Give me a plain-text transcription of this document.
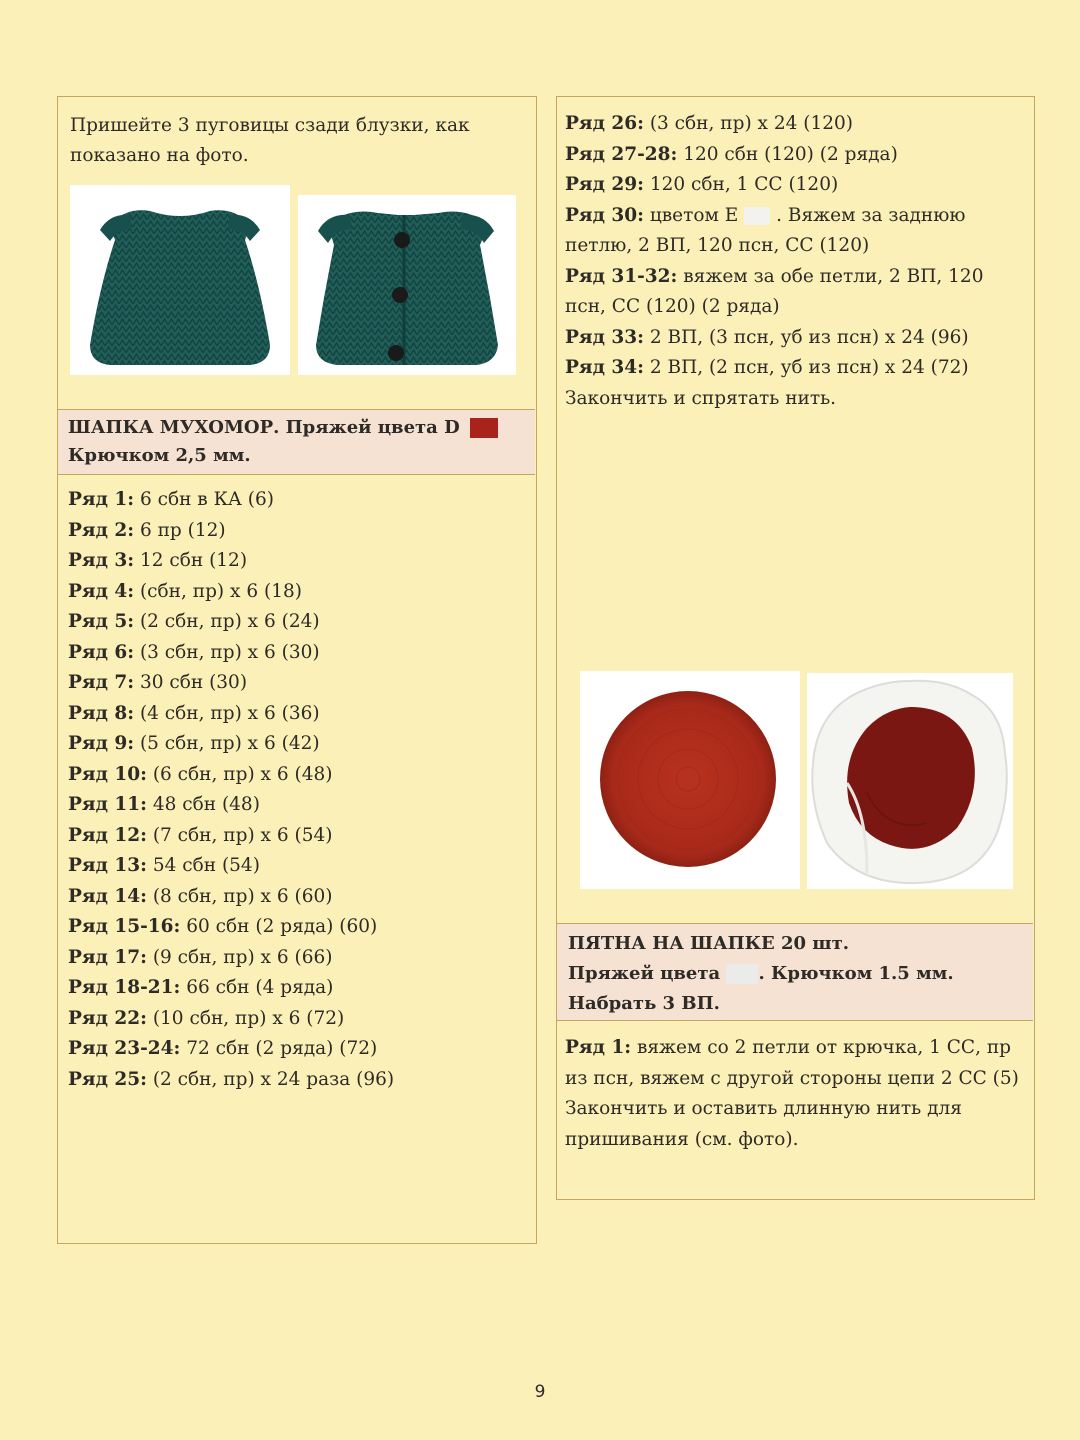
Пришейте 3 пуговицы сзади блузки, как показано на фото.
ШАПКА МУХОМОР. Пряжей цвета D
Крючком 2,5 мм.
Ряд 1: 6 сбн в КА (6)
Ряд 2: 6 пр (12)
Ряд 3: 12 сбн (12)
Ряд 4: (сбн, пр) х 6 (18)
Ряд 5: (2 сбн, пр) х 6 (24)
Ряд 6: (3 сбн, пр) х 6 (30)
Ряд 7: 30 сбн (30)
Ряд 8: (4 сбн, пр) х 6 (36)
Ряд 9: (5 сбн, пр) х 6 (42)
Ряд 10: (6 сбн, пр) х 6 (48)
Ряд 11: 48 сбн (48)
Ряд 12: (7 сбн, пр) х 6 (54)
Ряд 13: 54 сбн (54)
Ряд 14: (8 сбн, пр) х 6 (60)
Ряд 15-16: 60 сбн (2 ряда) (60)
Ряд 17: (9 сбн, пр) х 6 (66)
Ряд 18-21: 66 сбн (4 ряда)
Ряд 22: (10 сбн, пр) х 6 (72)
Ряд 23-24: 72 сбн (2 ряда) (72)
Ряд 25: (2 сбн, пр) х 24 раза (96)
Ряд 26: (3 сбн, пр) х 24 (120)
Ряд 27-28: 120 сбн (120) (2 ряда)
Ряд 29: 120 сбн, 1 СС (120)
Ряд 30: цветом Е . Вяжем за заднюю петлю, 2 ВП, 120 псн, СС (120)
Ряд 31-32: вяжем за обе петли, 2 ВП, 120 псн, СС (120) (2 ряда)
Ряд 33: 2 ВП, (3 псн, уб из псн) х 24 (96)
Ряд 34: 2 ВП, (2 псн, уб из псн) х 24 (72)
Закончить и спрятать нить.
ПЯТНА НА ШАПКЕ 20 шт.
Пряжей цвета . Крючком 1.5 мм.
Набрать 3 ВП.
Ряд 1: вяжем со 2 петли от крючка, 1 СС, пр из псн, вяжем с другой стороны цепи 2 СС (5)
Закончить и оставить длинную нить для пришивания (см. фото).
9
